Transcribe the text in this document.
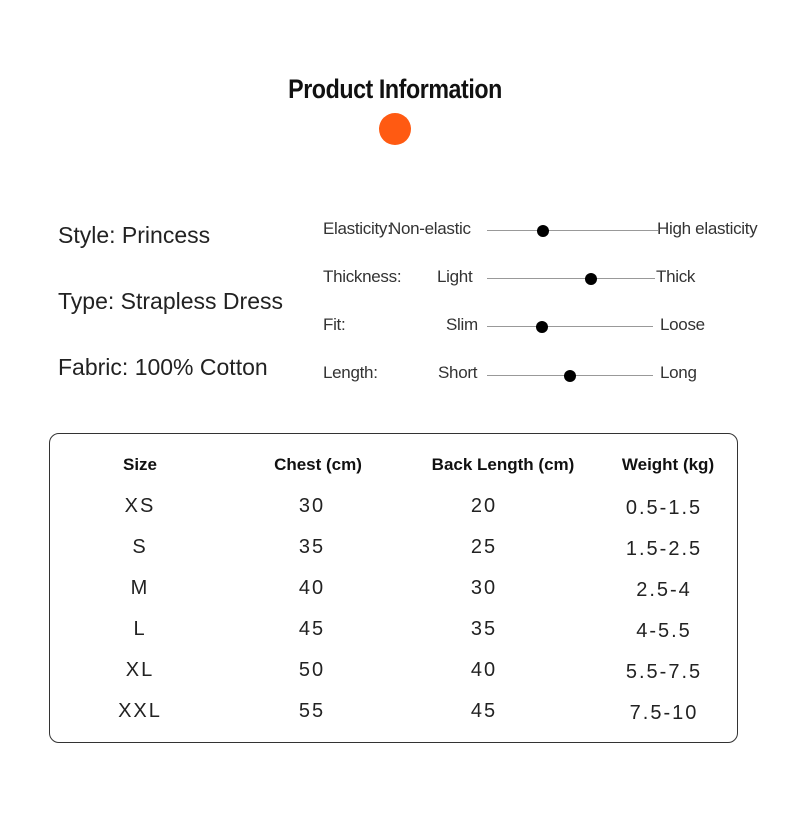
Product Information
Style: Princess
Type: Strapless Dress
Fabric: 100% Cotton
Elasticity:
Non-elastic	High elasticity
Thickness: Light	Thick
Fit:	Slim	Loose
Length:	Short	Long
Size	Chest (cm)	Back Length (cm)	Weight (kg)
XS	30	20	0.5-1.5
S	35	25	1.5-2.5
M	40	30	2.5-4
L	45	35	4-5.5
XL	50	40	5.5-7.5
XXL	55	45	7.5-10
